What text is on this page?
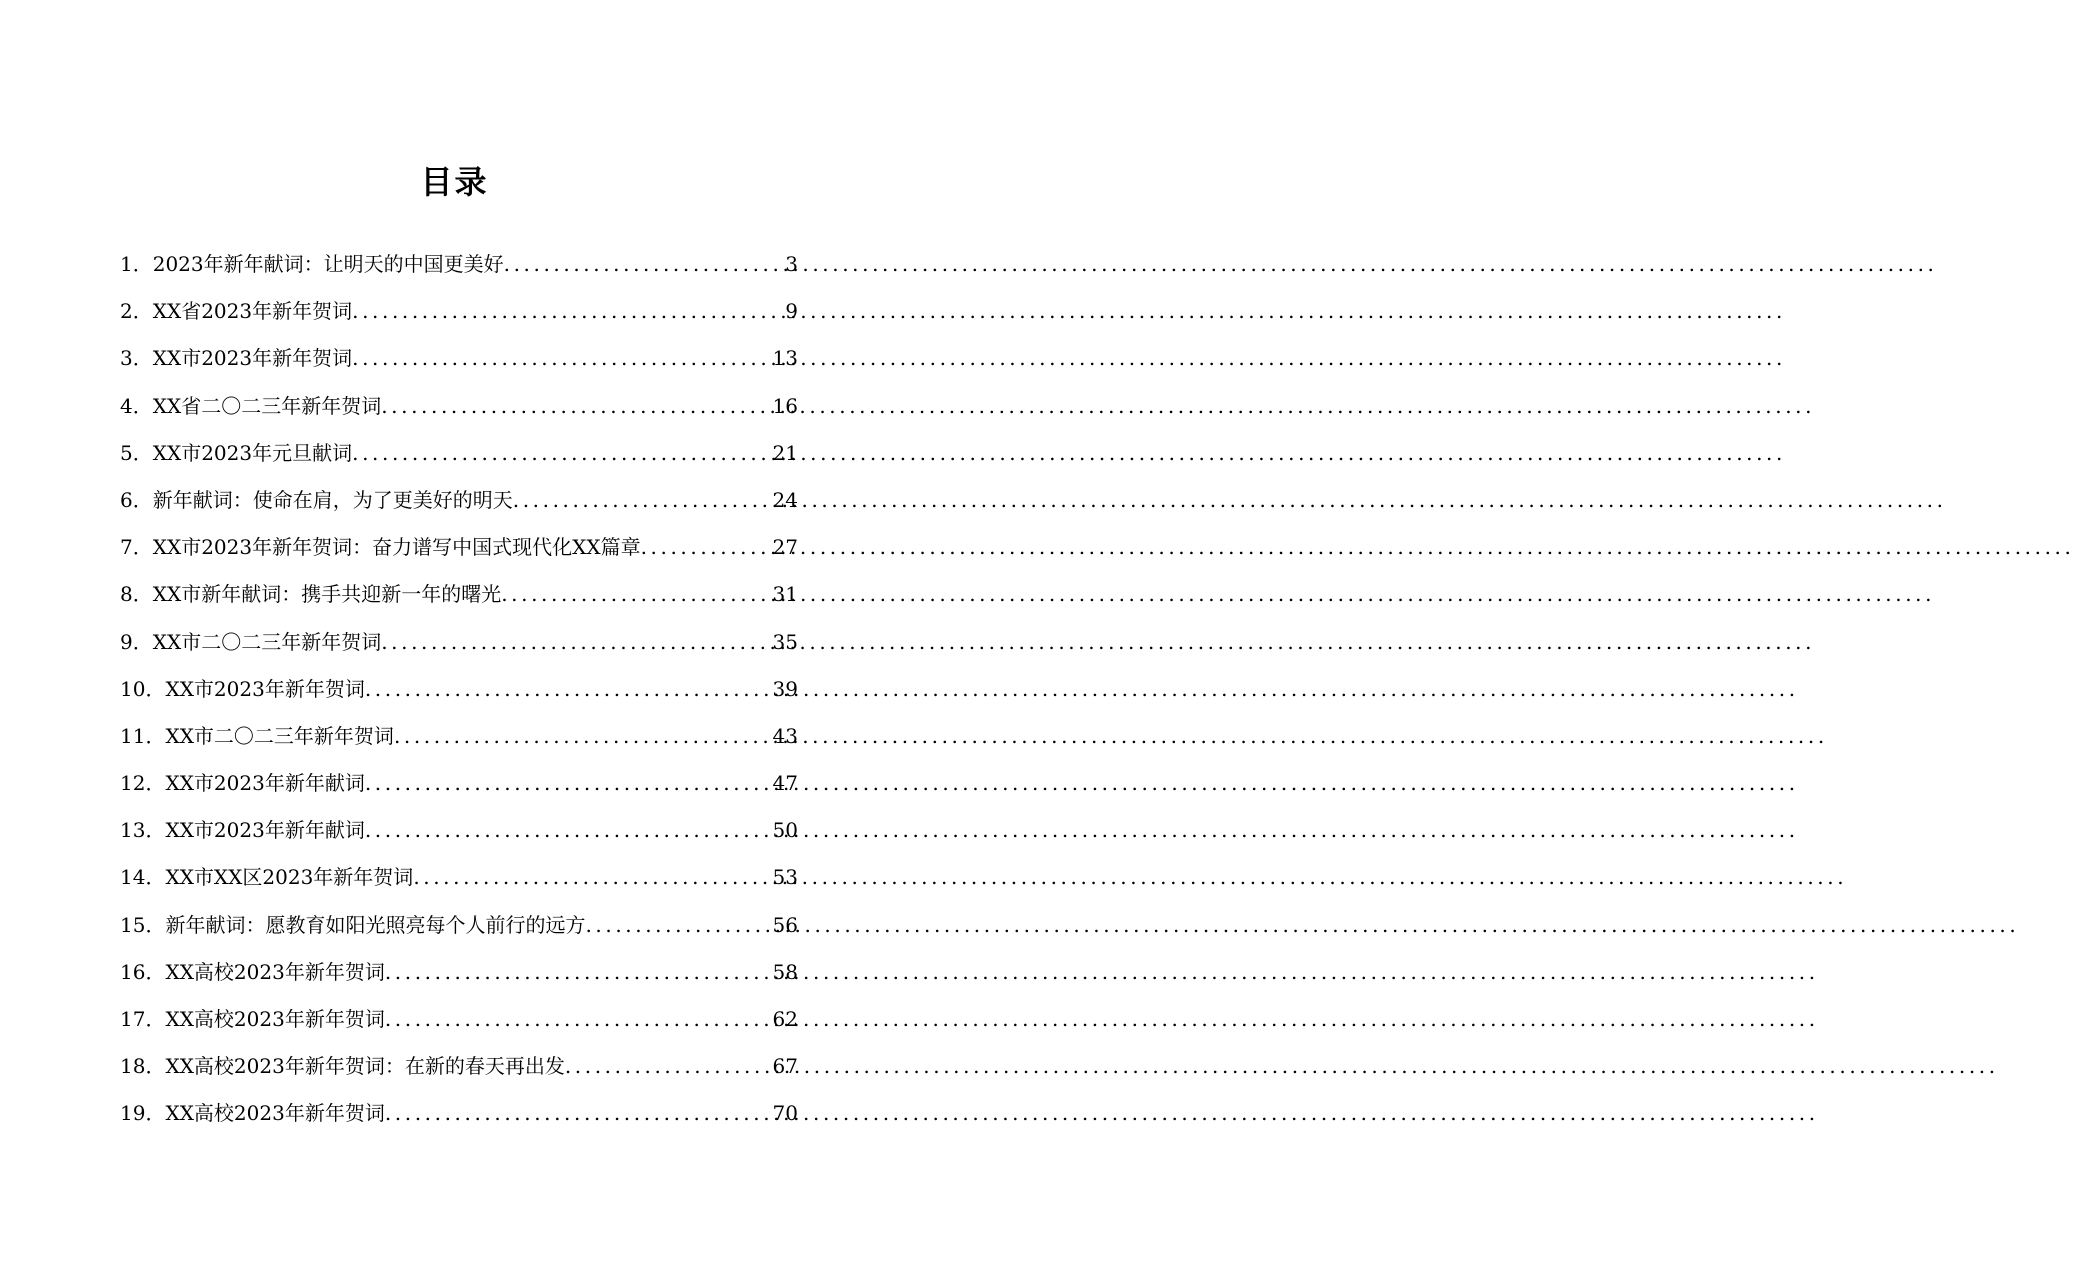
目录
1． 2023年新年献词：让明天的中国更美好 .....	3
2． XX省2023年新年贺词 .....	9
3． XX市2023年新年贺词 .....	13
4． XX省二〇二三年新年贺词 .....	16
5． XX市2023年元旦献词 .....	21
6． 新年献词：使命在肩，为了更美好的明天 .....	24
7． XX市2023年新年贺词：奋力谱写中国式现代化XX篇章 .....	27
8． XX市新年献词：携手共迎新一年的曙光 .....	31
9． XX市二〇二三年新年贺词 .....	35
10． XX市2023年新年贺词 .....	39
11． XX市二〇二三年新年贺词 .....	43
12． XX市2023年新年献词 .....	47
13． XX市2023年新年献词 .....	50
14． XX市XX区2023年新年贺词 .....	53
15． 新年献词：愿教育如阳光照亮每个人前行的远方 .....	56
16． XX高校2023年新年贺词 .....	58
17． XX高校2023年新年贺词 .....	62
18． XX高校2023年新年贺词：在新的春天再出发 .....	67
19． XX高校2023年新年贺词 .....	70
